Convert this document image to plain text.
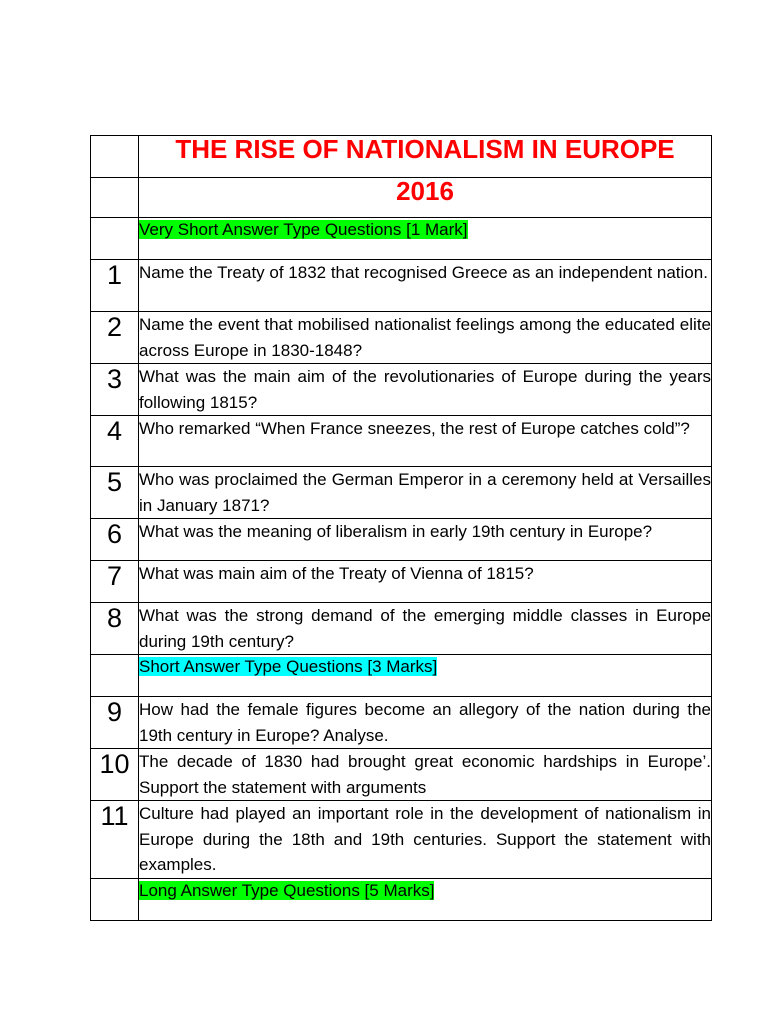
	THE RISE OF NATIONALISM IN EUROPE
	2016
	Very Short Answer Type Questions [1 Mark]

1	Name the Treaty of 1832 that recognised Greece as an independent nation.

2	Name the event that mobilised nationalist feelings among the educated elite across Europe in 1830-1848?

3	What was the main aim of the revolutionaries of Europe during the years following 1815?

4	Who remarked “When France sneezes, the rest of Europe catches cold”?

5	Who was proclaimed the German Emperor in a ceremony held at Versailles in January 1871?

6	What was the meaning of liberalism in early 19th century in Europe?

7	What was main aim of the Treaty of Vienna of 1815?

8	What was the strong demand of the emerging middle classes in Europe during 19th century?
	Short Answer Type Questions [3 Marks]

9	How had the female figures become an allegory of the nation during the 19th century in Europe? Analyse.

10	The decade of 1830 had brought great economic hardships in Europe’. Support the statement with arguments

11	Culture had played an important role in the development of nationalism in Europe during the 18th and 19th centuries. Support the statement with examples.
	Long Answer Type Questions [5 Marks]
